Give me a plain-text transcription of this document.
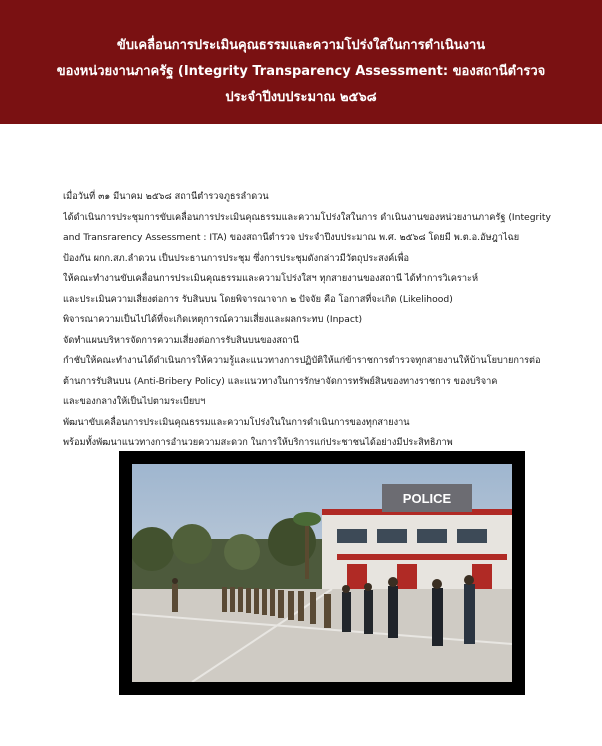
ขับเคลื่อนการประเมินคุณธรรมและความโปร่งใสในการดำเนินงาน
ของหน่วยงานภาครัฐ (Integrity Transparency Assessment: ของสถานีตำรวจ
ประจำปีงบประมาณ ๒๕๖๘

เมื่อวันที่ ๓๑ มีนาคม ๒๕๖๘ สถานีตำรวจภูธรลำดวน

ได้ดำเนินการประชุมการขับเคลื่อนการประเมินคุณธรรมและความโปร่งใสในการ ดำเนินงานของหน่วยงานภาครัฐ (Integrity

and Transrarency Assessment : ITA) ของสถานีตำรวจ ประจำปีงบประมาณ พ.ศ. ๒๕๖๘ โดยมี พ.ต.อ.อัษฎาไฉย

ป้องกัน ผกก.สภ.ลำดวน เป็นประธานการประชุม ซึ่งการประชุมดังกล่าวมีวัตถุประสงค์เพื่อ

ให้คณะทำงานขับเคลื่อนการประเมินคุณธรรมและความโปร่งใสฯ ทุกสายงานของสถานี ได้ทำการวิเคราะห์

และประเมินความเสี่ยงต่อการ รับสินบน โดยพิจารณาจาก ๒ ปัจจัย คือ โอกาสที่จะเกิด (Likelihood)

พิจารณาความเป็นไปได้ที่จะเกิดเหตุการณ์ความเสี่ยงและผลกระทบ (Inpact)

จัดทำแผนบริหารจัดการความเสี่ยงต่อการรับสินบนของสถานี

กำชับให้คณะทำงานได้ดำเนินการให้ความรู้และแนวทางการปฏิบัติให้แก่ข้าราชการตำรวจทุกสายงานให้บ้านโยบายการต่อ

ต้านการรับสินบน (Anti-Bribery Policy) และแนวทางในการรักษาจัดการทรัพย์สินของทางราชการ ของบริจาค

และของกลางให้เป็นไปตามระเบียบฯ

พัฒนาขับเคลื่อนการประเมินคุณธรรมและความโปร่งในในการดำเนินการของทุกสายงาน

พร้อมทั้งพัฒนาแนวทางการอำนวยความสะดวก ในการให้บริการแก่ประชาชนได้อย่างมีประสิทธิภาพ

POLICE
